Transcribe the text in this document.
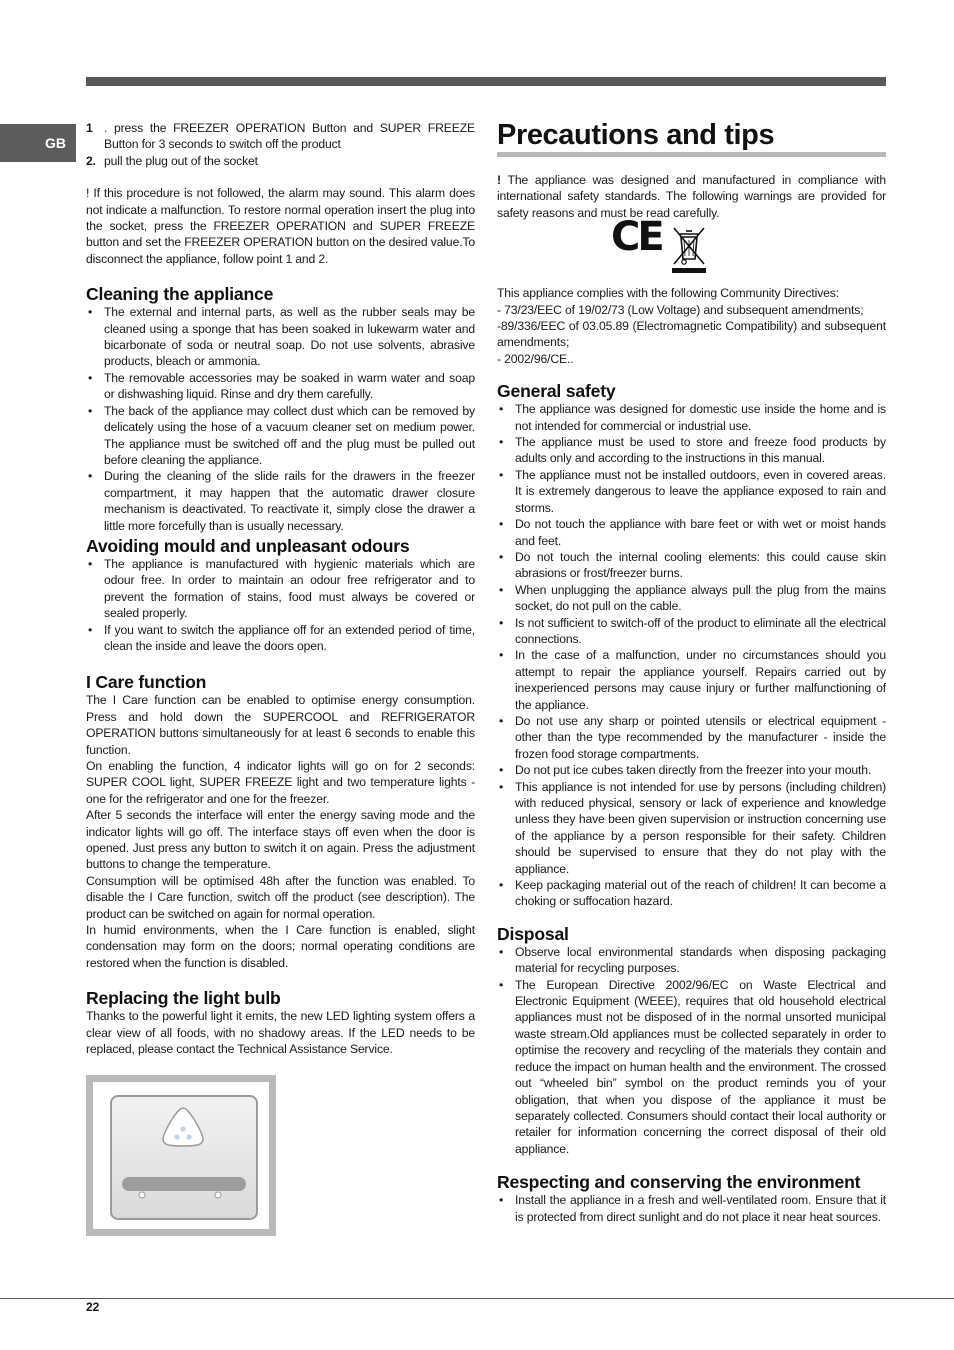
GB
1 . press the FREEZER OPERATION Button and SUPER FREEZE Button for 3 seconds to switch off the product

2. pull the plug out of the socket

! If this procedure is not followed, the alarm may sound. This alarm does not indicate a malfunction. To restore normal operation insert the plug into the socket, press the FREEZER OPERATION and SUPER FREEZE button and set the FREEZER OPERATION button on the desired value.To disconnect the appliance, follow point 1 and 2.

Cleaning the appliance
• The external and internal parts, as well as the rubber seals may be cleaned using a sponge that has been soaked in lukewarm water and bicarbonate of soda or neutral soap. Do not use solvents, abrasive products, bleach or ammonia.
• The removable accessories may be soaked in warm water and soap or dishwashing liquid. Rinse and dry them carefully.
• The back of the appliance may collect dust which can be removed by delicately using the hose of a vacuum cleaner set on medium power. The appliance must be switched off and the plug must be pulled out before cleaning the appliance.
• During the cleaning of the slide rails for the drawers in the freezer compartment, it may happen that the automatic drawer closure mechanism is deactivated. To reactivate it, simply close the drawer a little more forcefully than is usually necessary.
Avoiding mould and unpleasant odours
• The appliance is manufactured with hygienic materials which are odour free. In order to maintain an odour free refrigerator and to prevent the formation of stains, food must always be covered or sealed properly.
• If you want to switch the appliance off for an extended period of time, clean the inside and leave the doors open.
I Care function

The I Care function can be enabled to optimise energy consumption. Press and hold down the SUPERCOOL and REFRIGERATOR OPERATION buttons simultaneously for at least 6 seconds to enable this function.

On enabling the function, 4 indicator lights will go on for 2 seconds: SUPER COOL light, SUPER FREEZE light and two temperature lights - one for the refrigerator and one for the freezer.

After 5 seconds the interface will enter the energy saving mode and the indicator lights will go off. The interface stays off even when the door is opened. Just press any button to switch it on again. Press the adjustment buttons to change the temperature.

Consumption will be optimised 48h after the function was enabled. To disable the I Care function, switch off the product (see description). The product can be switched on again for normal operation.

In humid environments, when the I Care function is enabled, slight condensation may form on the doors; normal operating conditions are restored when the function is disabled.

Replacing the light bulb

Thanks to the powerful light it emits, the new LED lighting system offers a clear view of all foods, with no shadowy areas. If the LED needs to be replaced, please contact the Technical Assistance Service.

Precautions and tips

! The appliance was designed and manufactured in compliance with international safety standards. The following warnings are provided for safety reasons and must be read carefully.

CE

This appliance complies with the following Community Directives:

- 73/23/EEC of 19/02/73 (Low Voltage) and subsequent amendments;

-89/336/EEC of 03.05.89 (Electromagnetic Compatibility) and subsequent amendments;

- 2002/96/CE..

General safety
• The appliance was designed for domestic use inside the home and is not intended for commercial or industrial use.
• The appliance must be used to store and freeze food products by adults only and according to the instructions in this manual.
• The appliance must not be installed outdoors, even in covered areas. It is extremely dangerous to leave the appliance exposed to rain and storms.
• Do not touch the appliance with bare feet or with wet or moist hands and feet.
• Do not touch the internal cooling elements: this could cause skin abrasions or frost/freezer burns.
• When unplugging the appliance always pull the plug from the mains socket, do not pull on the cable.
• Is not sufficient to switch-off of the product to eliminate all the electrical connections.
• In the case of a malfunction, under no circumstances should you attempt to repair the appliance yourself. Repairs carried out by inexperienced persons may cause injury or further malfunctioning of the appliance.
• Do not use any sharp or pointed utensils or electrical equipment - other than the type recommended by the manufacturer - inside the frozen food storage compartments.
• Do not put ice cubes taken directly from the freezer into your mouth.
• This appliance is not intended for use by persons (including children) with reduced physical, sensory or lack of experience and knowledge unless they have been given supervision or instruction concerning use of the appliance by a person responsible for their safety. Children should be supervised to ensure that they do not play with the appliance.
• Keep packaging material out of the reach of children! It can become a choking or suffocation hazard.
Disposal
• Observe local environmental standards when disposing packaging material for recycling purposes.
• The European Directive 2002/96/EC on Waste Electrical and Electronic Equipment (WEEE), requires that old household electrical appliances must not be disposed of in the normal unsorted municipal waste stream.Old appliances must be collected separately in order to optimise the recovery and recycling of the materials they contain and reduce the impact on human health and the environment. The crossed out “wheeled bin” symbol on the product reminds you of your obligation, that when you dispose of the appliance it must be separately collected. Consumers should contact their local authority or retailer for information concerning the correct disposal of their old appliance.
Respecting and conserving the environment
• Install the appliance in a fresh and well-ventilated room. Ensure that it is protected from direct sunlight and do not place it near heat sources.
22
